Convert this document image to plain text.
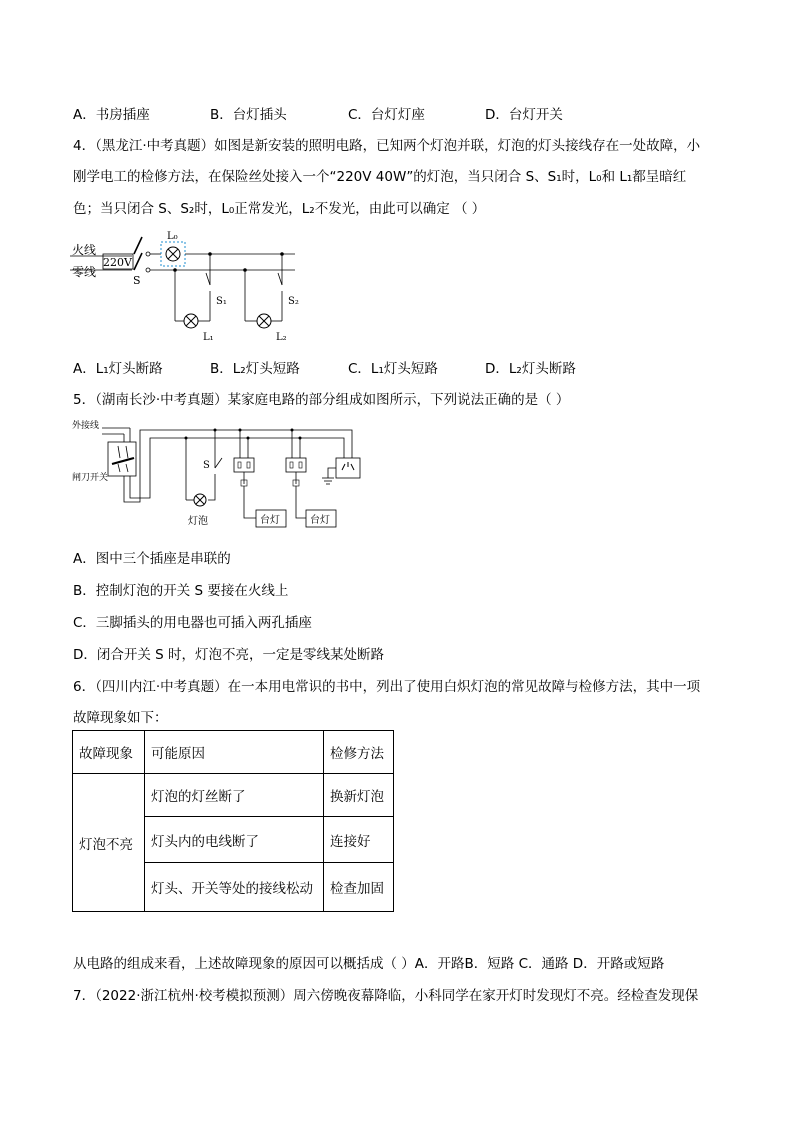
A．书房插座	B．台灯插头	C．台灯灯座	D．台灯开关
4．（黑龙江·中考真题）如图是新安装的照明电路，已知两个灯泡并联，灯泡的灯头接线存在一处故障，小
刚学电工的检修方法，在保险丝处接入一个“220V 40W”的灯泡，当只闭合 S、S₁时，L₀和 L₁都呈暗红
色；当只闭合 S、S₂时，L₀正常发光，L₂不发光，由此可以确定 （ ）
火线
零线
220V
S
L₀
S₁
L₁
S₂
L₂
A．L₁灯头断路	B．L₂灯头短路	C．L₁灯头短路	D．L₂灯头断路
5．（湖南长沙·中考真题）某家庭电路的部分组成如图所示，下列说法正确的是（ ）
外接线
闸刀开关
S
灯泡	台灯	台灯
A．图中三个插座是串联的
B．控制灯泡的开关 S 要接在火线上
C．三脚插头的用电器也可插入两孔插座
D．闭合开关 S 时，灯泡不亮，一定是零线某处断路
6．（四川内江·中考真题）在一本用电常识的书中，列出了使用白炽灯泡的常见故障与检修方法，其中一项
故障现象如下：
故障现象	可能原因	检修方法
灯泡不亮	灯泡的灯丝断了	换新灯泡
	灯头内的电线断了	连接好
	灯头、开关等处的接线松动	检查加固
从电路的组成来看，上述故障现象的原因可以概括成（ ）A．开路B．短路 C．通路 D．开路或短路
7．（2022·浙江杭州·校考模拟预测）周六傍晚夜幕降临，小科同学在家开灯时发现灯不亮。经检查发现保
